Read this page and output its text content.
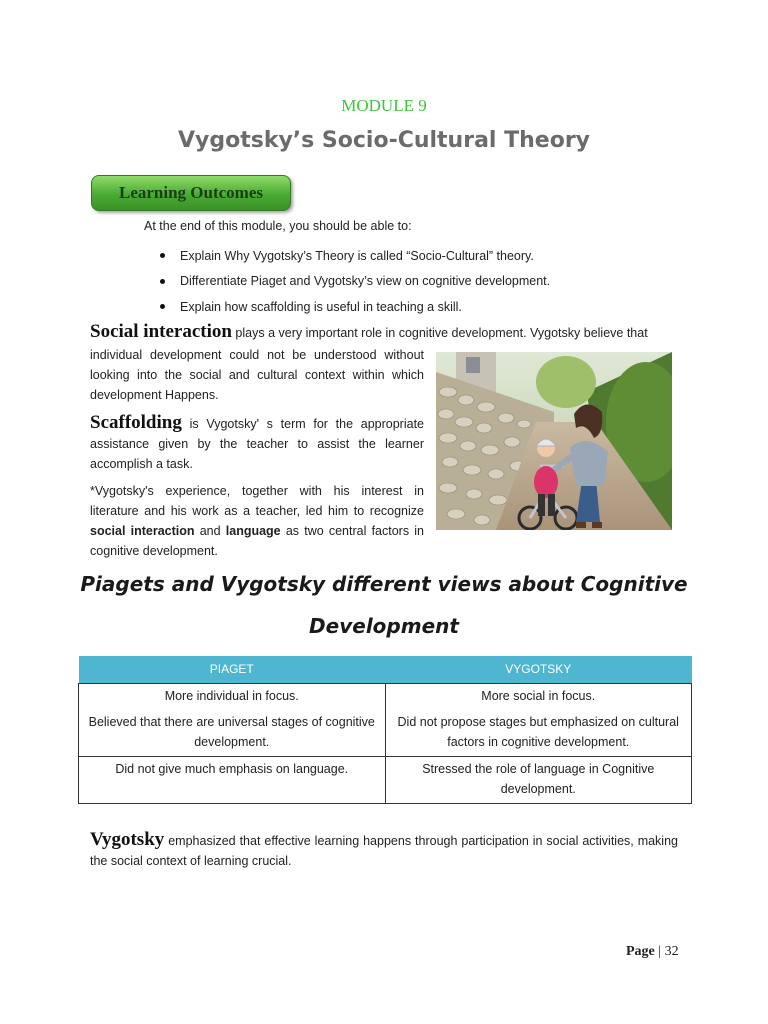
MODULE 9
Vygotsky’s Socio-Cultural Theory
Learning Outcomes
At the end of this module, you should be able to:
Explain Why Vygotsky’s Theory is called “Socio-Cultural” theory.
Differentiate Piaget and Vygotsky’s view on cognitive development.
Explain how scaffolding is useful in teaching a skill.
Social interaction plays a very important role in cognitive development. Vygotsky believe that
individual development could not be understood without looking into the social and cultural context within which development Happens.
Scaffolding is Vygotsky' s term for the appropriate assistance given by the teacher to assist the learner accomplish a task.
*Vygotsky's experience, together with his interest in literature and his work as a teacher, led him to recognize social interaction and language as two central factors in cognitive development.
Piagets and Vygotsky different views about Cognitive
Development
PIAGET	VYGOTSKY
More individual in focus.	More social in focus.
Believed that there are universal stages of cognitive development.	Did not propose stages but emphasized on cultural factors in cognitive development.
Did not give much emphasis on language.	Stressed the role of language in Cognitive development.
Vygotsky emphasized that effective learning happens through participation in social activities, making the social context of learning crucial.
Page | 32
